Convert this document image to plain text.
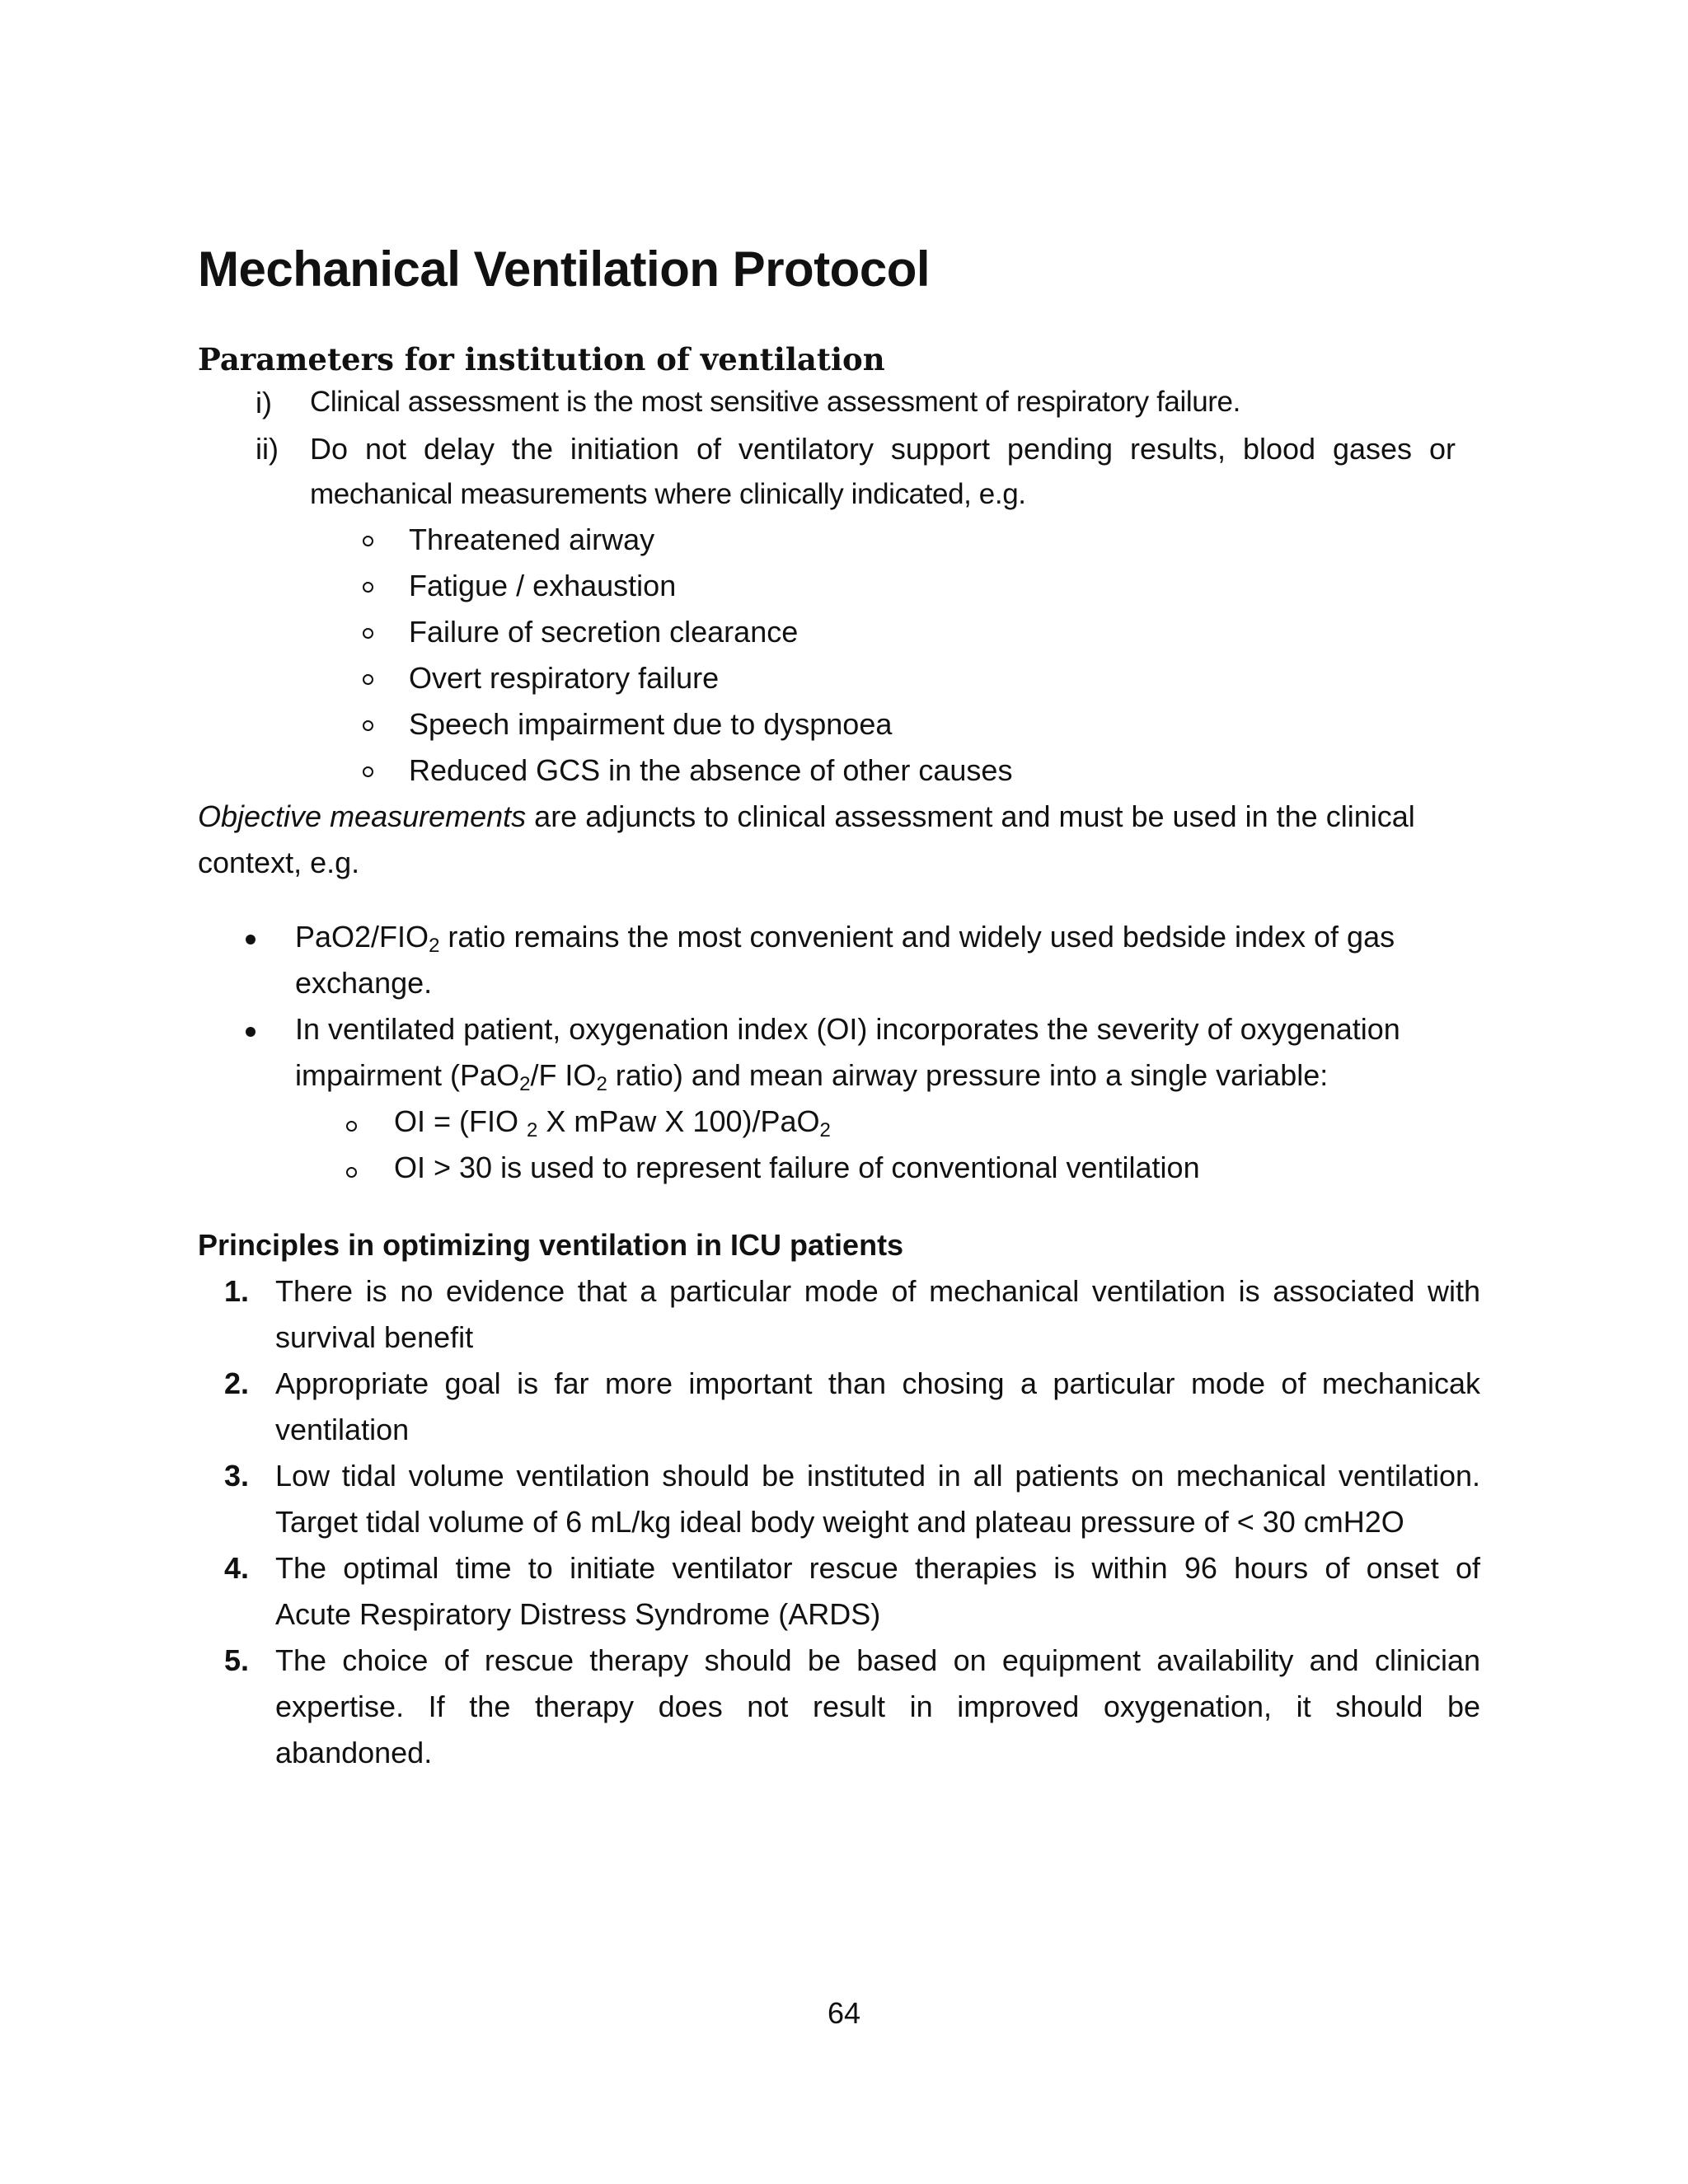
Mechanical Ventilation Protocol
Parameters for institution of ventilation
i) Clinical assessment is the most sensitive assessment of respiratory failure.
ii) Do not delay the initiation of ventilatory support pending results, blood gases or
mechanical measurements where clinically indicated, e.g.
Threatened airway
Fatigue / exhaustion
Failure of secretion clearance
Overt respiratory failure
Speech impairment due to dyspnoea
Reduced GCS in the absence of other causes
Objective measurements are adjuncts to clinical assessment and must be used in the clinical
context, e.g.
$PaO2/FIO_2$ ratio remains the most convenient and widely used bedside index of gas
exchange.
In ventilated patient, oxygenation index (OI) incorporates the severity of oxygenation
impairment (PaO$_2$/F $IO_2$ ratio) and mean airway pressure into a single variable:
OI = (FIO $_2$ X mPaw X 100)/PaO$_2$
OI > 30 is used to represent failure of conventional ventilation
Principles in optimizing ventilation in ICU patients
1. There is no evidence that a particular mode of mechanical ventilation is associated with
survival benefit
2. Appropriate goal is far more important than chosing a particular mode of mechanicak
ventilation
3. Low tidal volume ventilation should be instituted in all patients on mechanical ventilation.
Target tidal volume of 6 mL/kg ideal body weight and plateau pressure of < 30 cmH2O
4. The optimal time to initiate ventilator rescue therapies is within 96 hours of onset of
Acute Respiratory Distress Syndrome (ARDS)
5. The choice of rescue therapy should be based on equipment availability and clinician
expertise. If the therapy does not result in improved oxygenation, it should be
abandoned.
64
